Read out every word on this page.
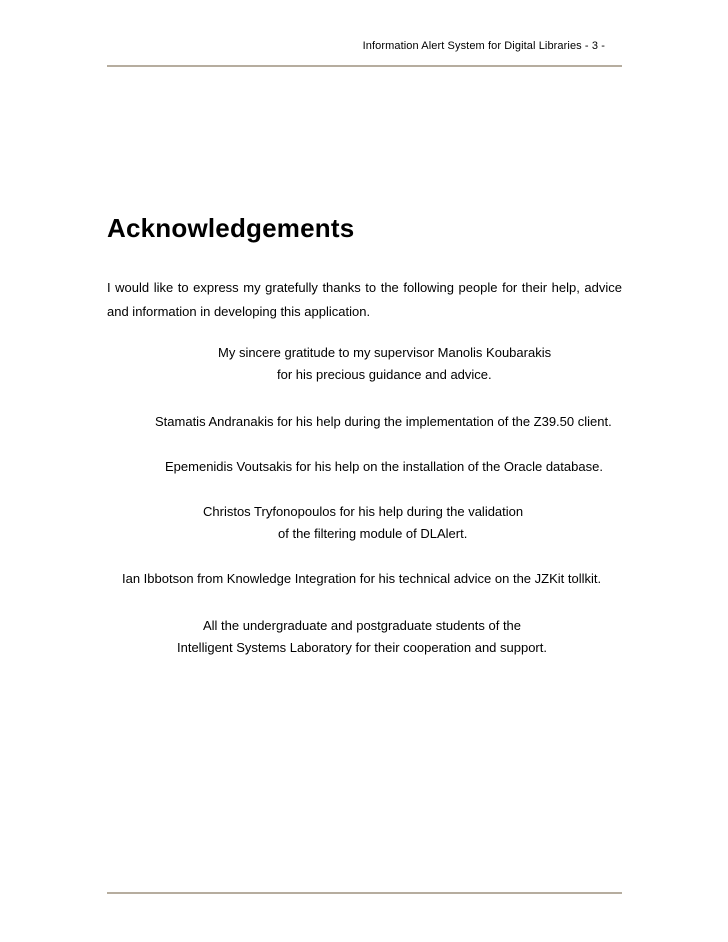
Information Alert System for Digital Libraries - 3 -
Acknowledgements

I would like to express my gratefully thanks to the following people for their help, advice
and information in developing this application.

My sincere gratitude to my supervisor Manolis Koubarakis
for his precious guidance and advice.
Stamatis Andranakis for his help during the implementation of the Z39.50 client.
Epemenidis Voutsakis for his help on the installation of the Oracle database.
Christos Tryfonopoulos for his help during the validation
of the filtering module of DLAlert.
Ian Ibbotson from Knowledge Integration for his technical advice on the JZKit tollkit.
All the undergraduate and postgraduate students of the
Intelligent Systems Laboratory for their cooperation and support.
